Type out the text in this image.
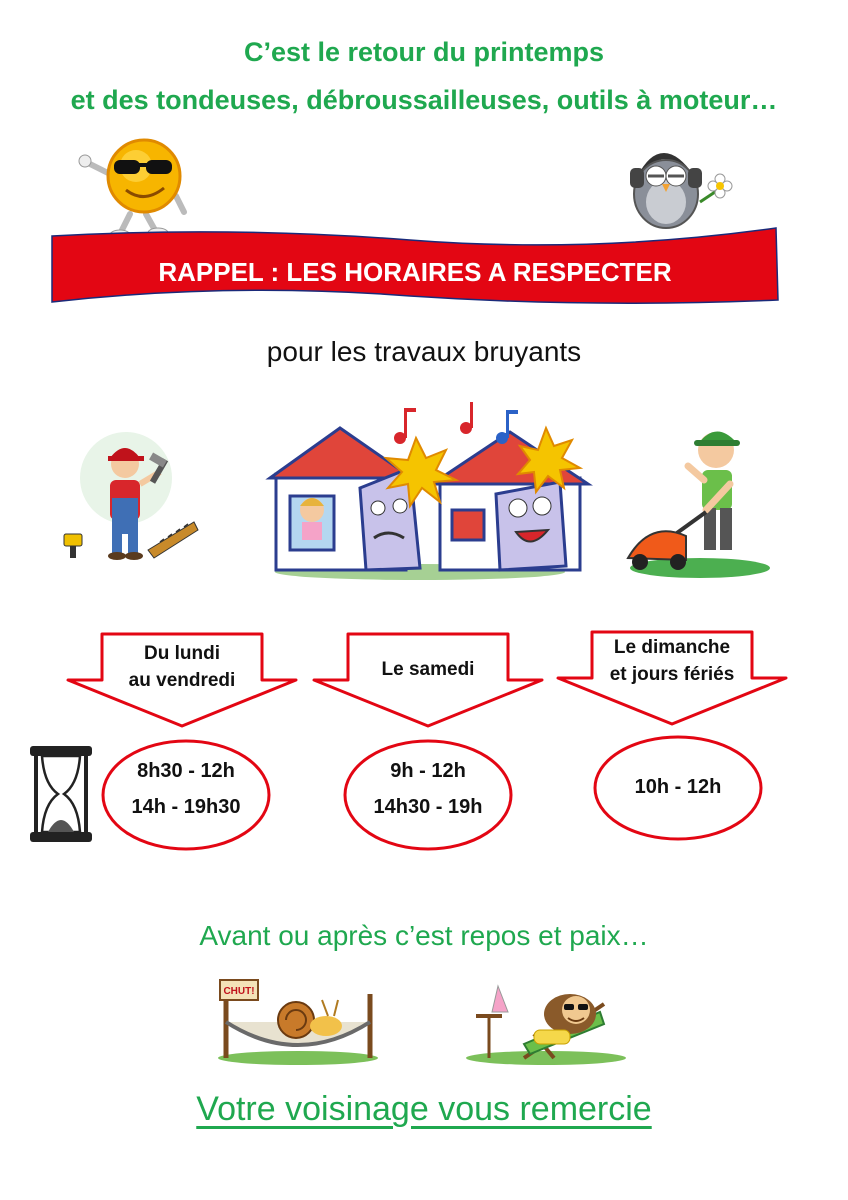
C’est le retour du printemps
et des tondeuses, débroussailleuses, outils à moteur…
RAPPEL : LES HORAIRES A RESPECTER
pour les travaux bruyants
Du lundi
au vendredi
Le samedi
Le dimanche
et jours fériés
8h30 - 12h
14h - 19h30
9h - 12h
14h30 - 19h
10h - 12h
Avant ou après c’est repos et paix…
CHUT!
Votre voisinage vous remercie
